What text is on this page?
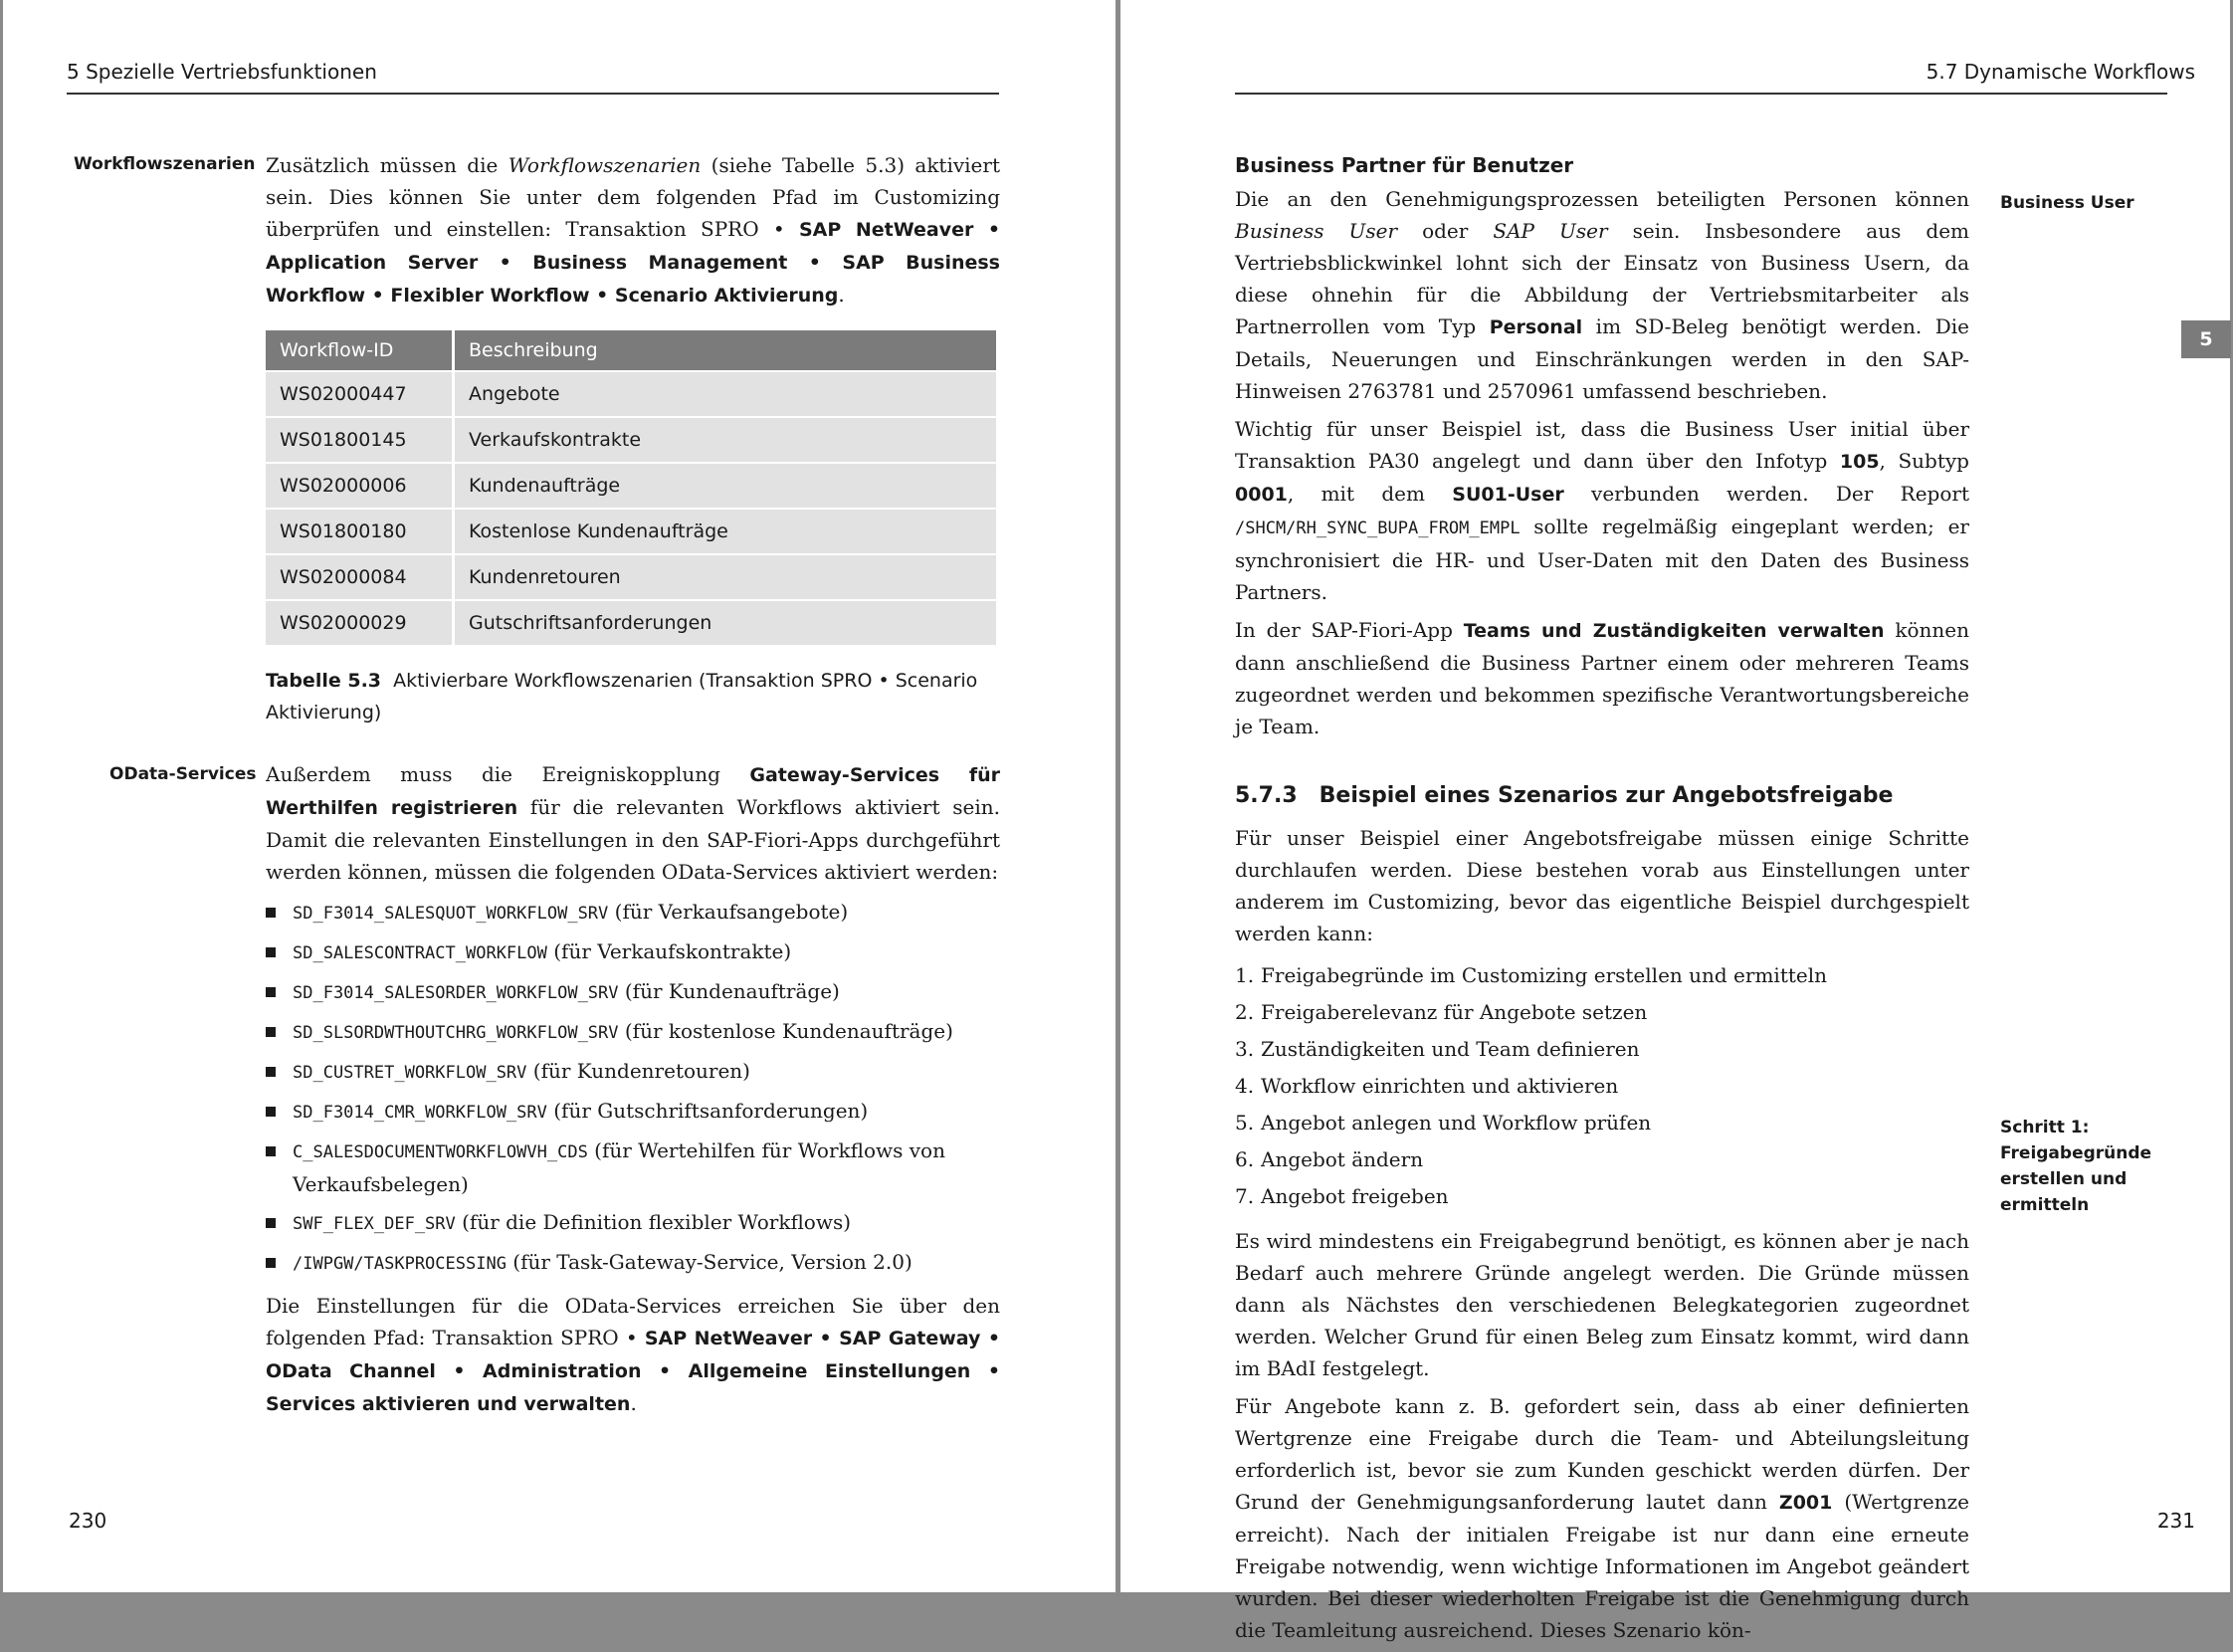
5 Spezielle Vertriebsfunktionen
Workflowszenarien Zusätzlich müssen die Workflowszenarien (siehe Tabelle 5.3) aktiviert sein. Dies können Sie unter dem folgenden Pfad im Customizing überprüfen und einstellen: Transaktion SPRO • SAP NetWeaver • Application Server • Business Management • SAP Business Workflow • Flexibler Workflow • Scenario Aktivierung.

Workflow-ID	Beschreibung
WS02000447	Angebote
WS01800145	Verkaufskontrakte
WS02000006	Kundenaufträge
WS01800180	Kostenlose Kundenaufträge
WS02000084	Kundenretouren
WS02000029	Gutschriftsanforderungen
Tabelle 5.3 Aktivierbare Workflowszenarien (Transaktion SPRO • Scenario Aktivierung)
OData-Services Außerdem muss die Ereigniskopplung Gateway-Services für Werthilfen registrieren für die relevanten Workflows aktiviert sein. Damit die relevanten Einstellungen in den SAP-Fiori-Apps durchgeführt werden können, müssen die folgenden OData-Services aktiviert werden:

SD_F3014_SALESQUOT_WORKFLOW_SRV (für Verkaufsangebote)
SD_SALESCONTRACT_WORKFLOW (für Verkaufskontrakte)
SD_F3014_SALESORDER_WORKFLOW_SRV (für Kundenaufträge)
SD_SLSORDWTHOUTCHRG_WORKFLOW_SRV (für kostenlose Kundenaufträge)
SD_CUSTRET_WORKFLOW_SRV (für Kundenretouren)
SD_F3014_CMR_WORKFLOW_SRV (für Gutschriftsanforderungen)
C_SALESDOCUMENTWORKFLOWVH_CDS (für Wertehilfen für Workflows von Verkaufsbelegen)
SWF_FLEX_DEF_SRV (für die Definition flexibler Workflows)
/IWPGW/TASKPROCESSING (für Task-Gateway-Service, Version 2.0)

Die Einstellungen für die OData-Services erreichen Sie über den folgenden Pfad: Transaktion SPRO • SAP NetWeaver • SAP Gateway • OData Channel • Administration • Allgemeine Einstellungen • Services aktivieren und verwalten.

230
5.7 Dynamische Workflows
5
Business User
Schritt 1: Freigabegründe erstellen und ermitteln
Business Partner für Benutzer

Die an den Genehmigungsprozessen beteiligten Personen können Business User oder SAP User sein. Insbesondere aus dem Vertriebsblickwinkel lohnt sich der Einsatz von Business Usern, da diese ohnehin für die Abbildung der Vertriebsmitarbeiter als Partnerrollen vom Typ Personal im SD-Beleg benötigt werden. Die Details, Neuerungen und Einschränkungen werden in den SAP-Hinweisen 2763781 und 2570961 umfassend beschrieben.

Wichtig für unser Beispiel ist, dass die Business User initial über Transaktion PA30 angelegt und dann über den Infotyp 105, Subtyp 0001, mit dem SU01-User verbunden werden. Der Report /SHCM/RH_SYNC_BUPA_FROM_EMPL sollte regelmäßig eingeplant werden; er synchronisiert die HR- und User-Daten mit den Daten des Business Partners.

In der SAP-Fiori-App Teams und Zuständigkeiten verwalten können dann anschließend die Business Partner einem oder mehreren Teams zugeordnet werden und bekommen spezifische Verantwortungsbereiche je Team.

5.7.3 Beispiel eines Szenarios zur Angebotsfreigabe

Für unser Beispiel einer Angebotsfreigabe müssen einige Schritte durchlaufen werden. Diese bestehen vorab aus Einstellungen unter anderem im Customizing, bevor das eigentliche Beispiel durchgespielt werden kann:

1. Freigabegründe im Customizing erstellen und ermitteln
2. Freigaberelevanz für Angebote setzen
3. Zuständigkeiten und Team definieren
4. Workflow einrichten und aktivieren
5. Angebot anlegen und Workflow prüfen
6. Angebot ändern
7. Angebot freigeben

Es wird mindestens ein Freigabegrund benötigt, es können aber je nach Bedarf auch mehrere Gründe angelegt werden. Die Gründe müssen dann als Nächstes den verschiedenen Belegkategorien zugeordnet werden. Welcher Grund für einen Beleg zum Einsatz kommt, wird dann im BAdI festgelegt.

Für Angebote kann z. B. gefordert sein, dass ab einer definierten Wertgrenze eine Freigabe durch die Team- und Abteilungsleitung erforderlich ist, bevor sie zum Kunden geschickt werden dürfen. Der Grund der Genehmigungsanforderung lautet dann Z001 (Wertgrenze erreicht). Nach der initialen Freigabe ist nur dann eine erneute Freigabe notwendig, wenn wichtige Informationen im Angebot geändert wurden. Bei dieser wiederholten Freigabe ist die Genehmigung durch die Teamleitung ausreichend. Dieses Szenario kön-

231
